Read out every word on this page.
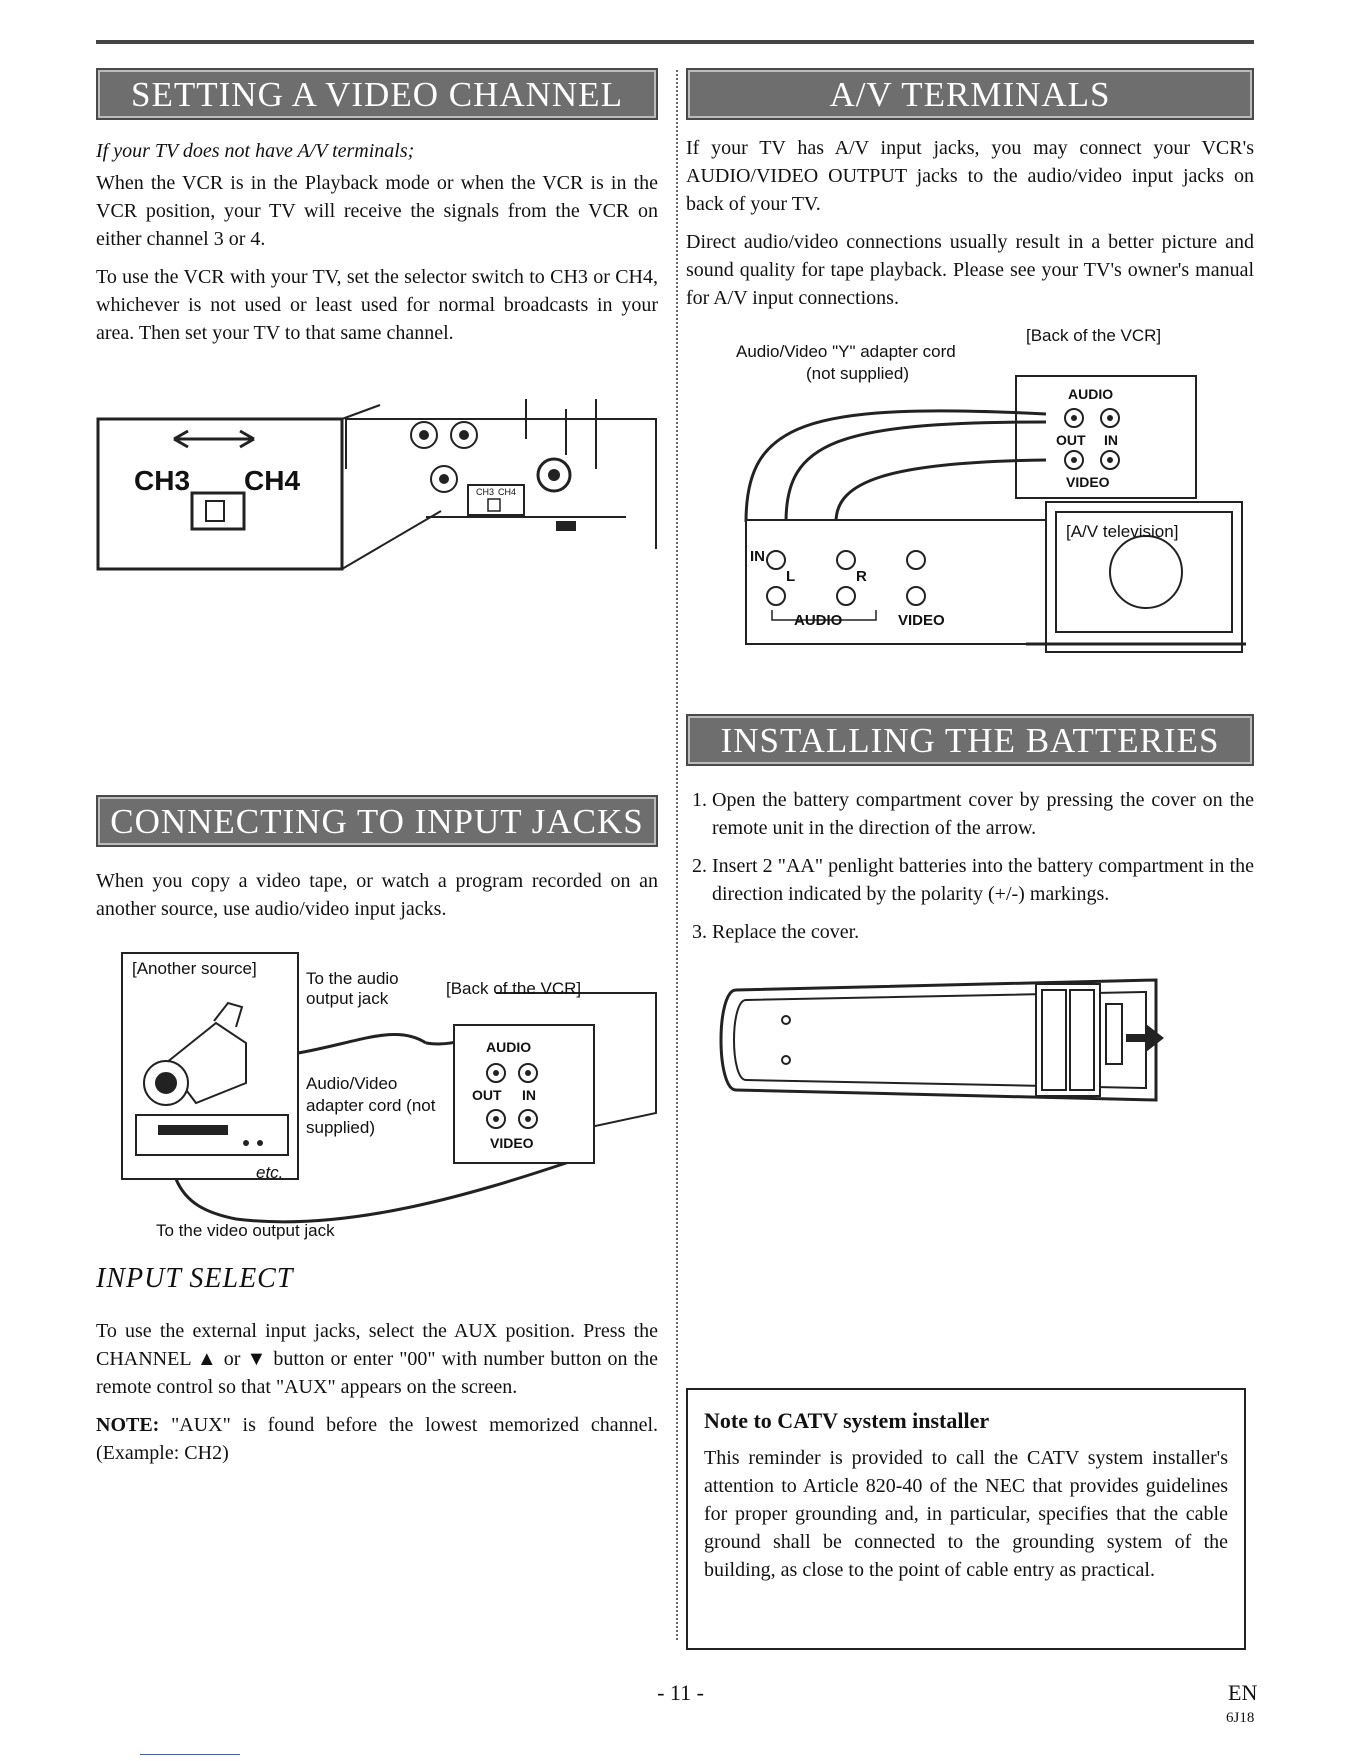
SETTING A VIDEO CHANNEL
If your TV does not have A/V terminals;

When the VCR is in the Playback mode or when the VCR is in the VCR position, your TV will receive the signals from the VCR on either channel 3 or 4.

To use the VCR with your TV, set the selector switch to CH3 or CH4, whichever is not used or least used for normal broadcasts in your area. Then set your TV to that same channel.

CH3 CH4	CH3 CH4
CONNECTING TO INPUT JACKS

When you copy a video tape, or watch a program recorded on an another source, use audio/video input jacks.

[Another source]
To the audio output jack
[Back of the VCR]
Audio/Video adapter cord (not supplied)
etc.
To the video output jack
AUDIO
OUT IN
VIDEO
INPUT SELECT

To use the external input jacks, select the AUX position. Press the CHANNEL ▲ or ▼ button or enter "00" with number button on the remote control so that "AUX" appears on the screen.

NOTE: "AUX" is found before the lowest memorized channel. (Example: CH2)

A/V TERMINALS

If your TV has A/V input jacks, you may connect your VCR's AUDIO/VIDEO OUTPUT jacks to the audio/video input jacks on back of your TV.

Direct audio/video connections usually result in a better picture and sound quality for tape playback. Please see your TV's owner's manual for A/V input connections.

Audio/Video "Y" adapter cord
(not supplied)
[Back of the VCR]
AUDIO
OUT IN
VIDEO
[A/V television]
IN
L	R
AUDIO	VIDEO
INSTALLING THE BATTERIES
1. Open the battery compartment cover by pressing the cover on the remote unit in the direction of the arrow.
2. Insert 2 "AA" penlight batteries into the battery compartment in the direction indicated by the polarity (+/-) markings.
3. Replace the cover.
Note to CATV system installer

This reminder is provided to call the CATV system installer's attention to Article 820-40 of the NEC that provides guidelines for proper grounding and, in particular, specifies that the cable ground shall be connected to the grounding system of the building, as close to the point of cable entry as practical.

- 11 -	EN
6J18
